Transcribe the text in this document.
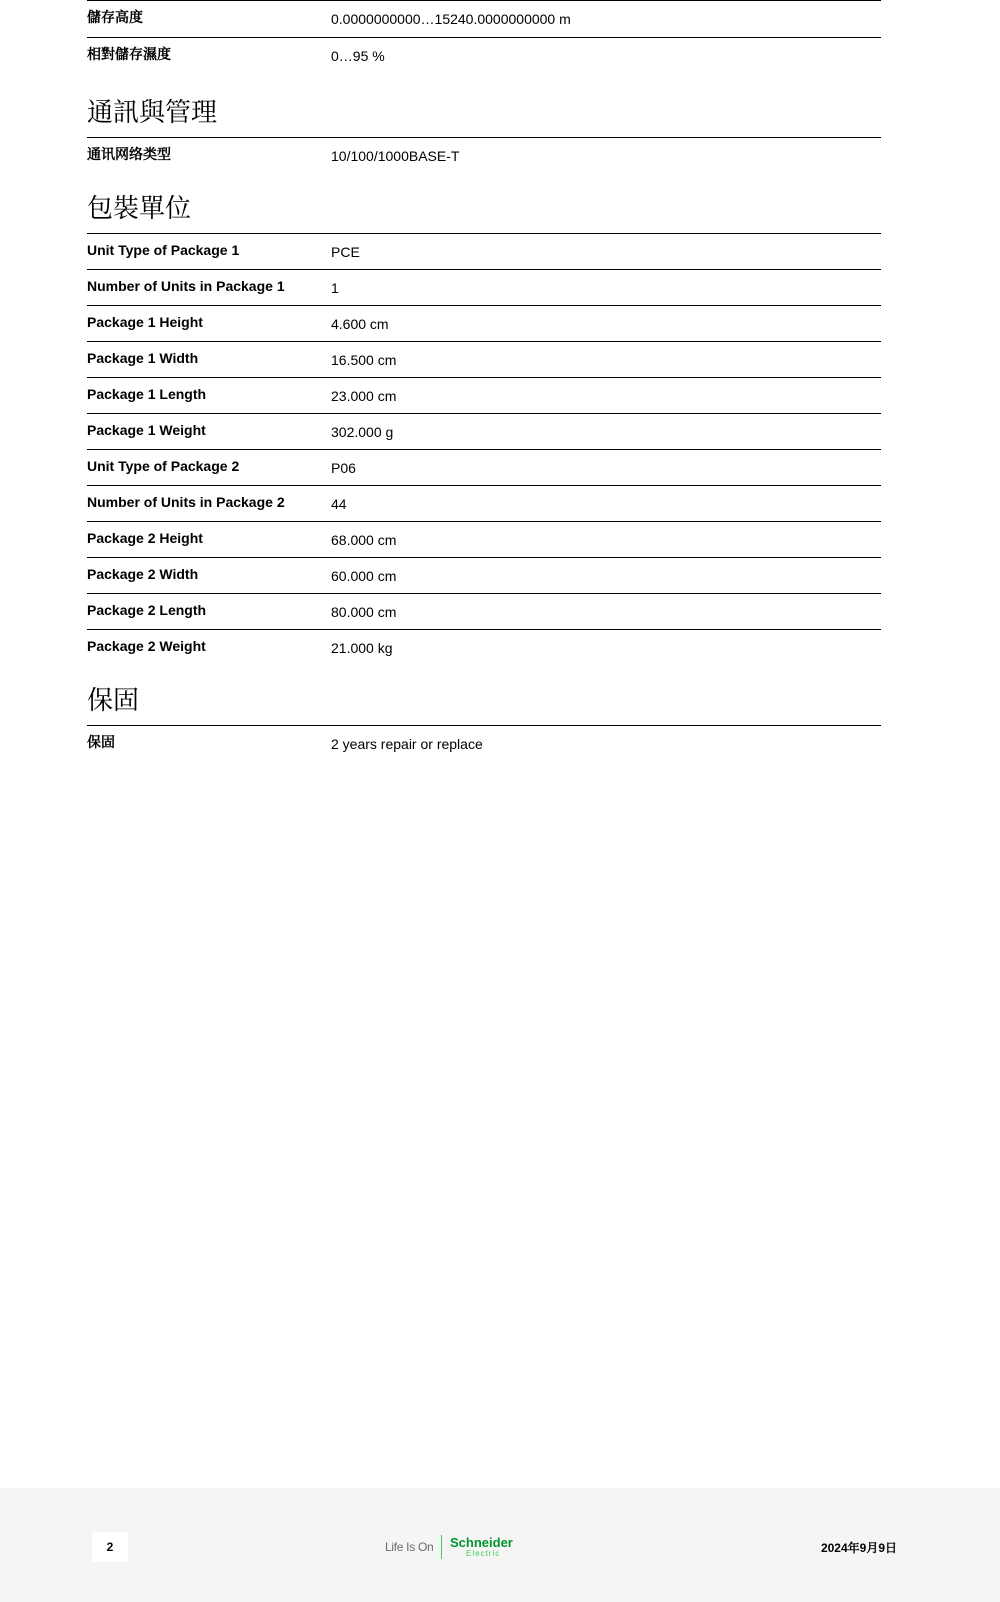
儲存高度	0.0000000000…15240.0000000000 m
相對儲存濕度	0…95 %
通訊與管理
通讯网络类型	10/100/1000BASE-T
包裝單位
Unit Type of Package 1	PCE
Number of Units in Package 1	1
Package 1 Height	4.600 cm
Package 1 Width	16.500 cm
Package 1 Length	23.000 cm
Package 1 Weight	302.000 g
Unit Type of Package 2	P06
Number of Units in Package 2	44
Package 2 Height	68.000 cm
Package 2 Width	60.000 cm
Package 2 Length	80.000 cm
Package 2 Weight	21.000 kg
保固
保固	2 years repair or replace
2	Life Is On Schneider
Electric	2024年9月9日
